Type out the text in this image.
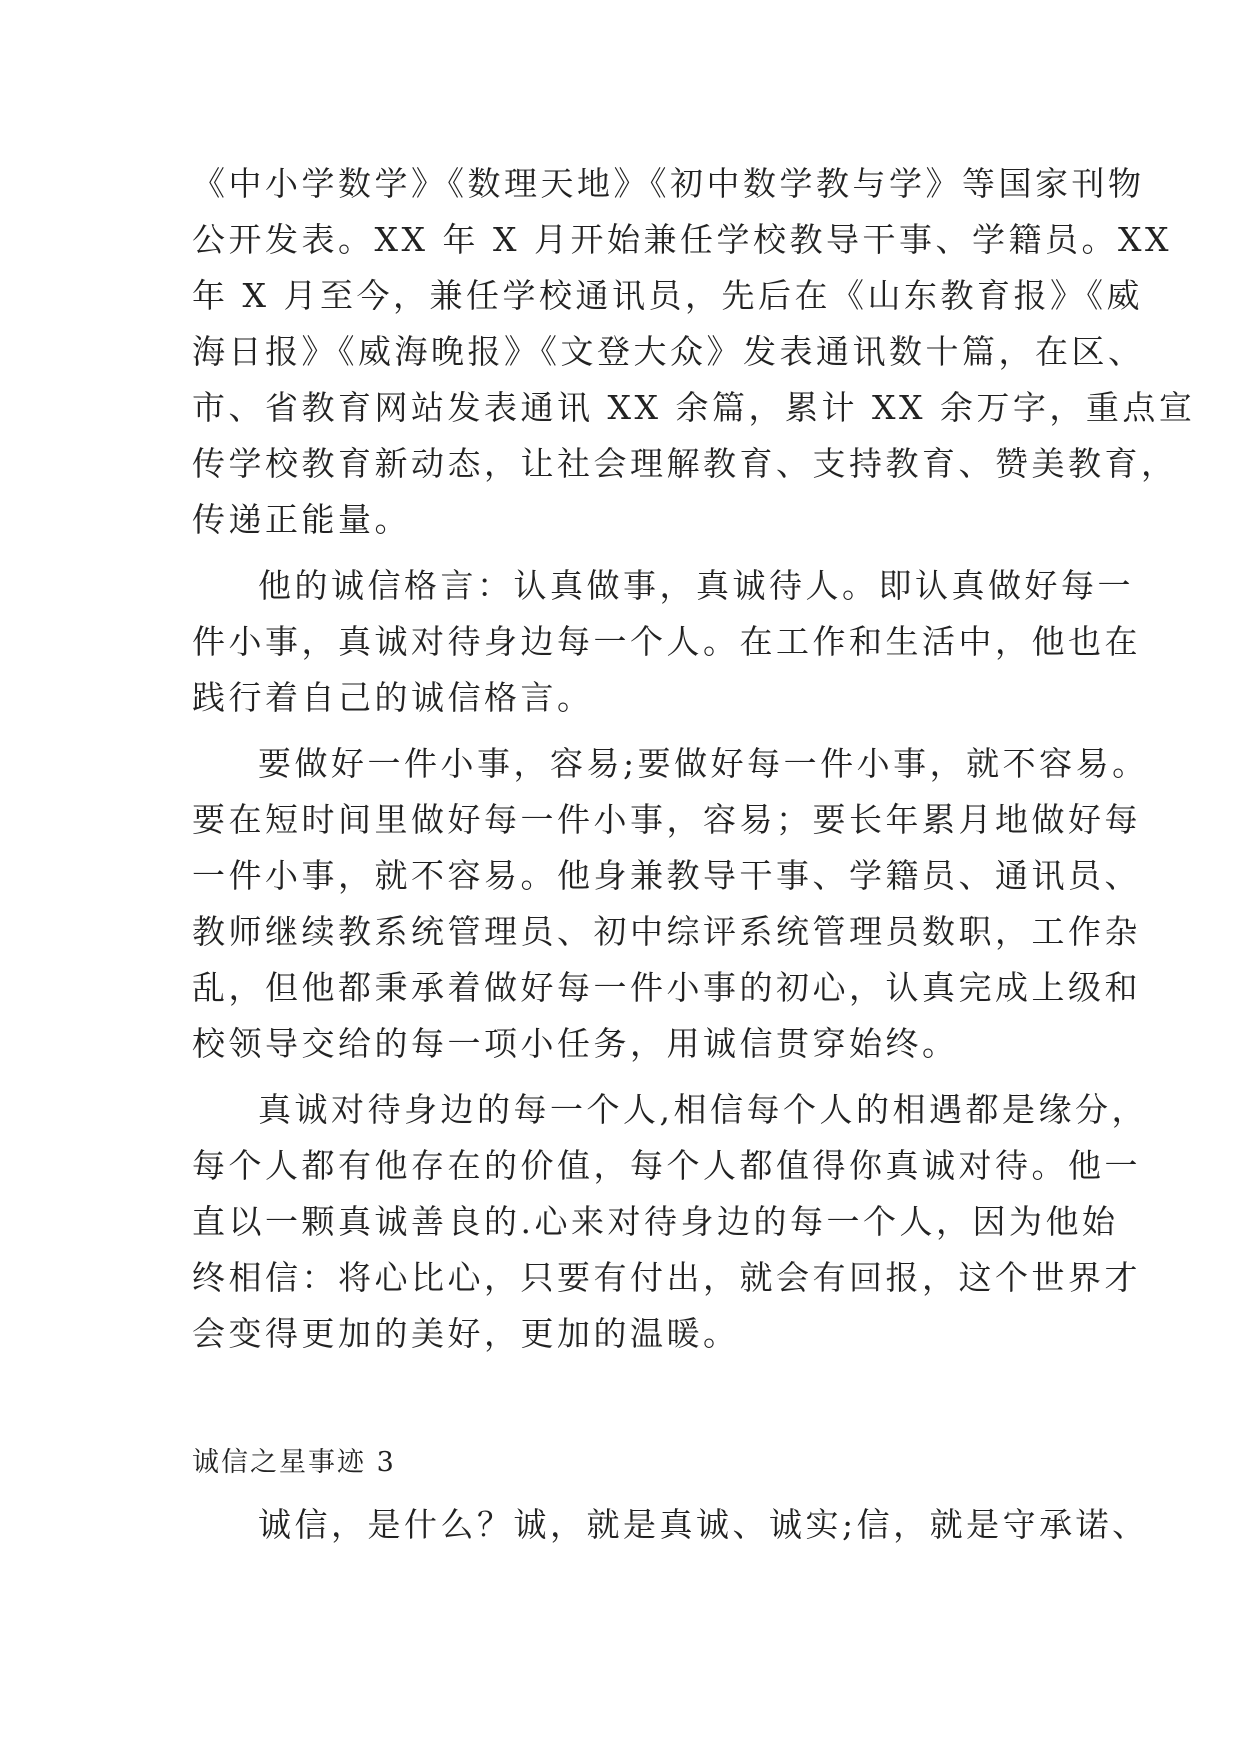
《中小学数学》《数理天地》《初中数学教与学》等国家刊物
公开发表。XX 年 X 月开始兼任学校教导干事、学籍员。XX
年 X 月至今，兼任学校通讯员，先后在《山东教育报》《威
海日报》《威海晚报》《文登大众》发表通讯数十篇，在区、
市、省教育网站发表通讯 XX 余篇，累计 XX 余万字，重点宣
传学校教育新动态，让社会理解教育、支持教育、赞美教育，
传递正能量。
他的诚信格言：认真做事，真诚待人。即认真做好每一
件小事，真诚对待身边每一个人。在工作和生活中，他也在
践行着自己的诚信格言。
要做好一件小事，容易;要做好每一件小事，就不容易。
要在短时间里做好每一件小事，容易；要长年累月地做好每
一件小事，就不容易。他身兼教导干事、学籍员、通讯员、
教师继续教系统管理员、初中综评系统管理员数职，工作杂
乱，但他都秉承着做好每一件小事的初心，认真完成上级和
校领导交给的每一项小任务，用诚信贯穿始终。
真诚对待身边的每一个人,相信每个人的相遇都是缘分，
每个人都有他存在的价值，每个人都值得你真诚对待。他一
直以一颗真诚善良的.心来对待身边的每一个人，因为他始
终相信：将心比心，只要有付出，就会有回报，这个世界才
会变得更加的美好，更加的温暖。
诚信之星事迹 3
诚信，是什么？诚，就是真诚、诚实;信，就是守承诺、
